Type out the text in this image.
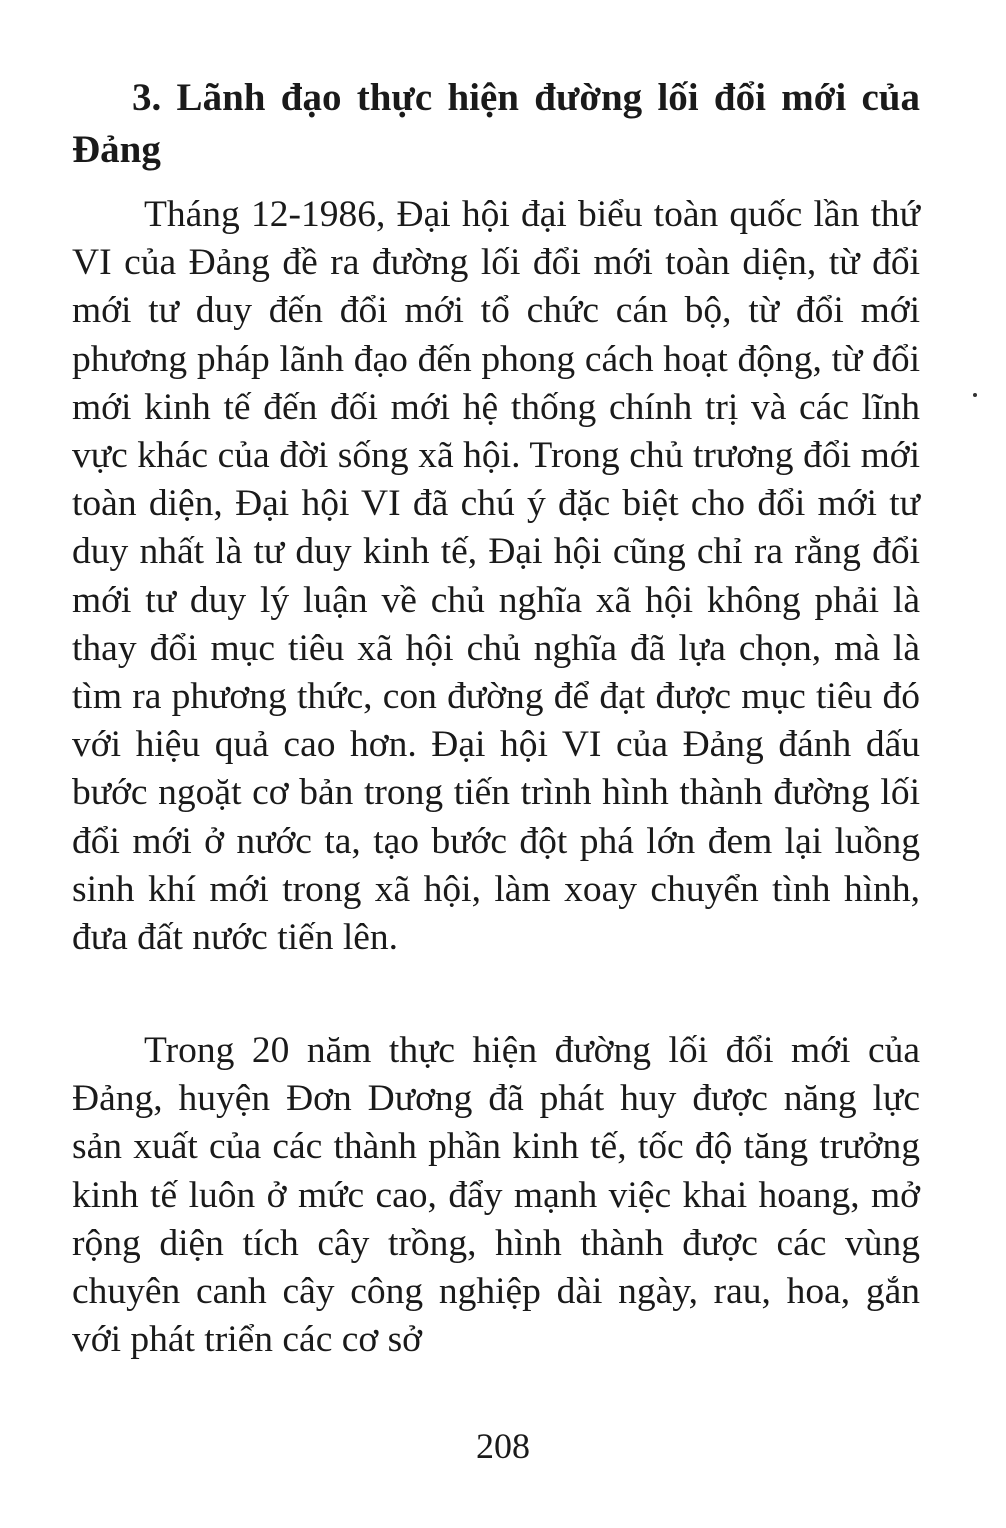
3. Lãnh đạo thực hiện đường lối đổi mới của Đảng

Tháng 12-1986, Đại hội đại biểu toàn quốc lần thứ VI của Đảng đề ra đường lối đổi mới toàn diện, từ đổi mới tư duy đến đổi mới tổ chức cán bộ, từ đổi mới phương pháp lãnh đạo đến phong cách hoạt động, từ đổi mới kinh tế đến đối mới hệ thống chính trị và các lĩnh vực khác của đời sống xã hội. Trong chủ trương đổi mới toàn diện, Đại hội VI đã chú ý đặc biệt cho đổi mới tư duy nhất là tư duy kinh tế, Đại hội cũng chỉ ra rằng đổi mới tư duy lý luận về chủ nghĩa xã hội không phải là thay đổi mục tiêu xã hội chủ nghĩa đã lựa chọn, mà là tìm ra phương thức, con đường để đạt được mục tiêu đó với hiệu quả cao hơn. Đại hội VI của Đảng đánh dấu bước ngoặt cơ bản trong tiến trình hình thành đường lối đổi mới ở nước ta, tạo bước đột phá lớn đem lại luồng sinh khí mới trong xã hội, làm xoay chuyển tình hình, đưa đất nước tiến lên.

Trong 20 năm thực hiện đường lối đổi mới của Đảng, huyện Đơn Dương đã phát huy được năng lực sản xuất của các thành phần kinh tế, tốc độ tăng trưởng kinh tế luôn ở mức cao, đẩy mạnh việc khai hoang, mở rộng diện tích cây trồng, hình thành được các vùng chuyên canh cây công nghiệp dài ngày, rau, hoa, gắn với phát triển các cơ sở

208
